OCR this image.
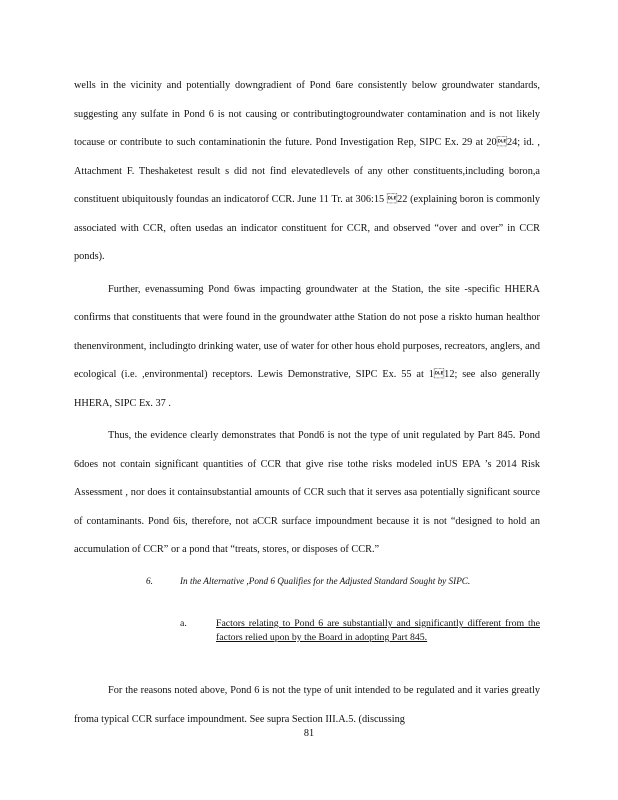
wells in the vicinity and potentially downgradient of Pond 6are consistently below groundwater standards, suggesting any sulfate in Pond 6 is not causing or contributingtogroundwater contamination and is not likely tocause or contribute to such contaminationin the future. Pond Investigation Rep, SIPC Ex. 29 at 2024; id. , Attachment F. Theshaketest result s did not find elevatedlevels of any other constituents,including boron,a constituent ubiquitously foundas an indicatorof CCR. June 11 Tr. at 306:15 22 (explaining boron is commonly associated with CCR, often usedas an indicator constituent for CCR, and observed “over and over” in CCR ponds).

Further, evenassuming Pond 6was impacting groundwater at the Station, the site -specific HHERA confirms that constituents that were found in the groundwater atthe Station do not pose a riskto human healthor thenenvironment, includingto drinking water, use of water for other hous ehold purposes, recreators, anglers, and ecological (i.e. ,environmental) receptors. Lewis Demonstrative, SIPC Ex. 55 at 112; see also generally HHERA, SIPC Ex. 37 .

Thus, the evidence clearly demonstrates that Pond6 is not the type of unit regulated by Part 845. Pond 6does not contain significant quantities of CCR that give rise tothe risks modeled inUS EPA ’s 2014 Risk Assessment , nor does it containsubstantial amounts of CCR such that it serves asa potentially significant source of contaminants. Pond 6is, therefore, not aCCR surface impoundment because it is not “designed to hold an accumulation of CCR” or a pond that “treats, stores, or disposes of CCR.”

6.	In the Alternative ,Pond 6 Qualifies for the Adjusted Standard Sought by SIPC.
a.	Factors relating to Pond 6 are substantially and significantly different from the factors relied upon by the Board in adopting Part 845.

For the reasons noted above, Pond 6 is not the type of unit intended to be regulated and it varies greatly froma typical CCR surface impoundment. See supra Section III.A.5. (discussing

81
